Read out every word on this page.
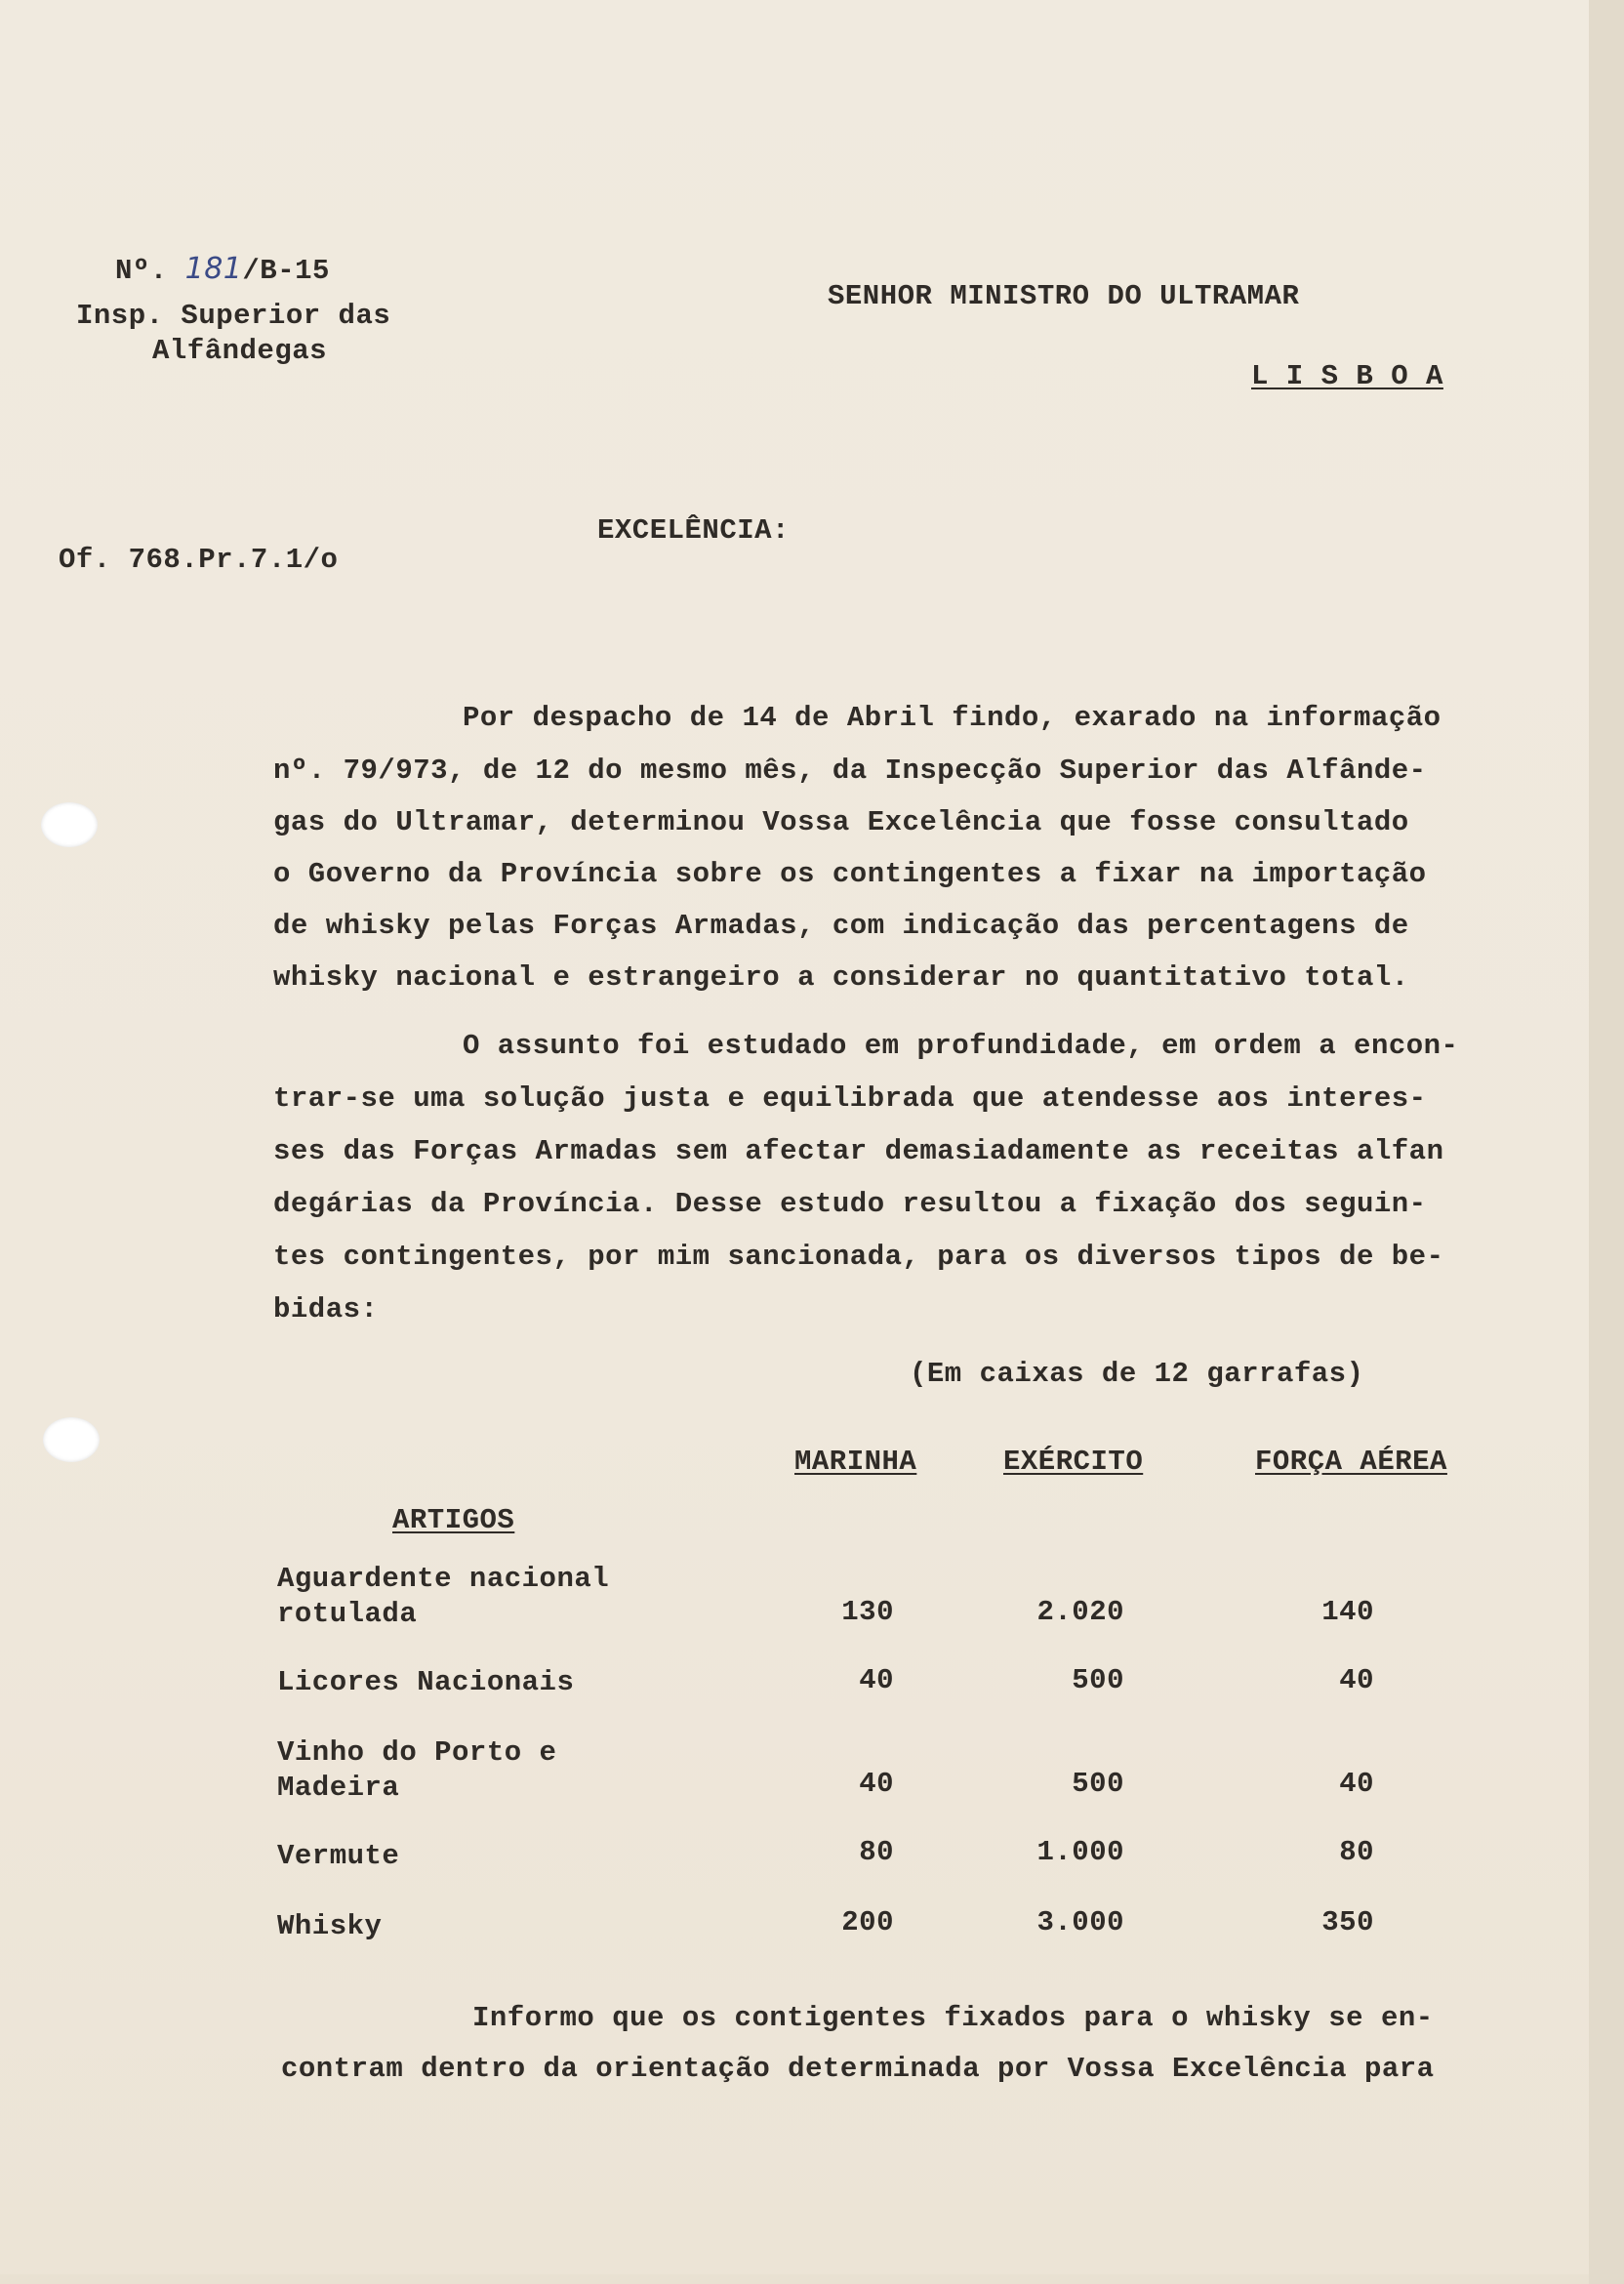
Nº. 181/B-15
Insp. Superior das
Alfândegas
SENHOR MINISTRO DO ULTRAMAR
L I S B O A
Of. 768.Pr.7.1/o
EXCELÊNCIA:
Por despacho de 14 de Abril findo, exarado na informação
nº. 79/973, de 12 do mesmo mês, da Inspecção Superior das Alfânde-
gas do Ultramar, determinou Vossa Excelência que fosse consultado
o Governo da Província sobre os contingentes a fixar na importação
de whisky pelas Forças Armadas, com indicação das percentagens de
whisky nacional e estrangeiro a considerar no quantitativo total.
O assunto foi estudado em profundidade, em ordem a encon-
trar-se uma solução justa e equilibrada que atendesse aos interes-
ses das Forças Armadas sem afectar demasiadamente as receitas alfan
degárias da Província. Desse estudo resultou a fixação dos seguin-
tes contingentes, por mim sancionada, para os diversos tipos de be-
bidas:
(Em caixas de 12 garrafas)
MARINHA	EXÉRCITO	FORÇA AÉREA
ARTIGOS
Aguardente nacional
rotulada	130	2.020	140
Licores Nacionais	40	500	40
Vinho do Porto e
Madeira	40	500	40
Vermute	80	1.000	80
Whisky	200	3.000	350
Informo que os contigentes fixados para o whisky se en-
contram dentro da orientação determinada por Vossa Excelência para
